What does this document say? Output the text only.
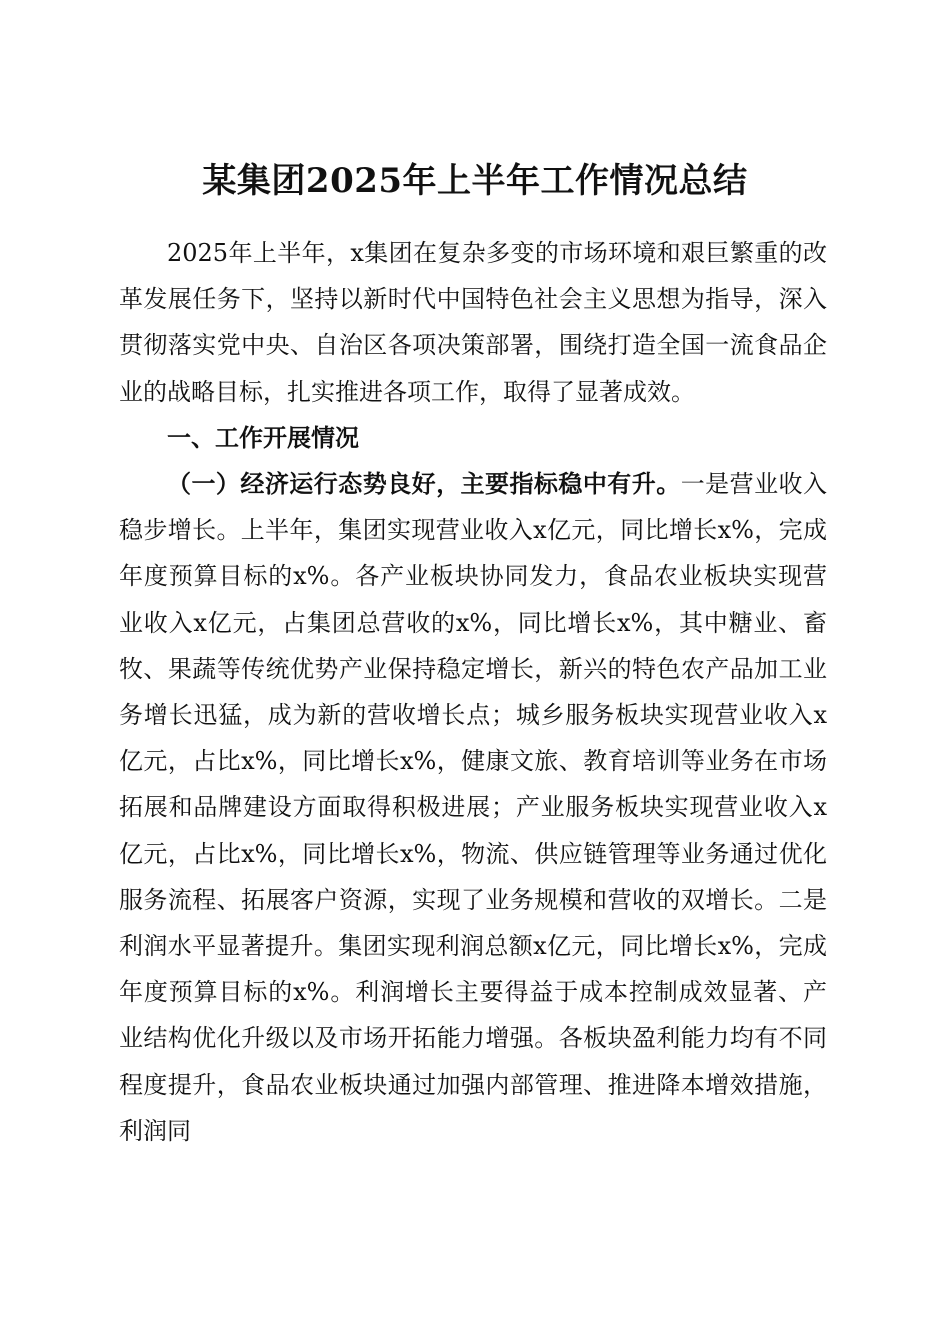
某集团2025年上半年工作情况总结

2025年上半年，x集团在复杂多变的市场环境和艰巨繁重的改革发展任务下，坚持以新时代中国特色社会主义思想为指导，深入贯彻落实党中央、自治区各项决策部署，围绕打造全国一流食品企业的战略目标，扎实推进各项工作，取得了显著成效。

一、工作开展情况

（一）经济运行态势良好，主要指标稳中有升。一是营业收入稳步增长。上半年，集团实现营业收入x亿元，同比增长x%，完成年度预算目标的x%。各产业板块协同发力，食品农业板块实现营业收入x亿元，占集团总营收的x%，同比增长x%，其中糖业、畜牧、果蔬等传统优势产业保持稳定增长，新兴的特色农产品加工业务增长迅猛，成为新的营收增长点；城乡服务板块实现营业收入x亿元，占比x%，同比增长x%，健康文旅、教育培训等业务在市场拓展和品牌建设方面取得积极进展；产业服务板块实现营业收入x亿元，占比x%，同比增长x%，物流、供应链管理等业务通过优化服务流程、拓展客户资源，实现了业务规模和营收的双增长。二是利润水平显著提升。集团实现利润总额x亿元，同比增长x%，完成年度预算目标的x%。利润增长主要得益于成本控制成效显著、产业结构优化升级以及市场开拓能力增强。各板块盈利能力均有不同程度提升，食品农业板块通过加强内部管理、推进降本增效措施，利润同
